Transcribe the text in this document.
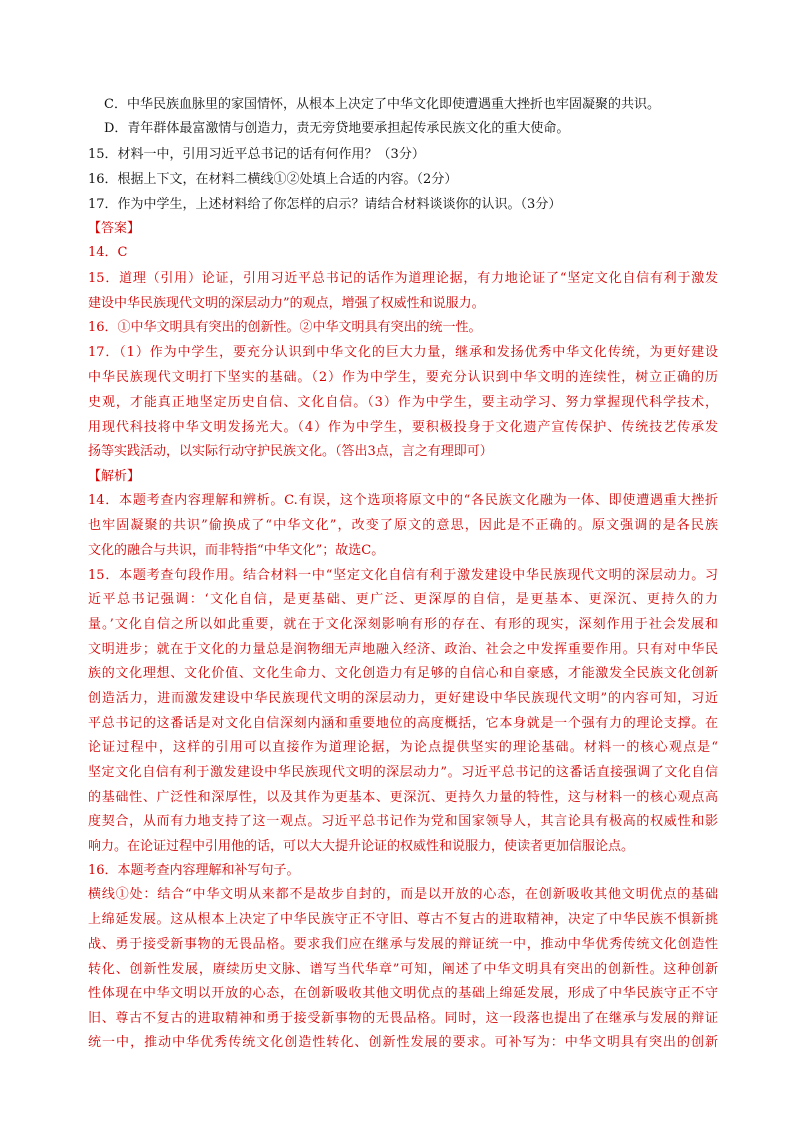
C．中华民族血脉里的家国情怀，从根本上决定了中华文化即使遭遇重大挫折也牢固凝聚的共识。
D．青年群体最富激情与创造力，责无旁贷地要承担起传承民族文化的重大使命。
15．材料一中，引用习近平总书记的话有何作用？（3分）
16．根据上下文，在材料二横线①②处填上合适的内容。（2分）
17．作为中学生，上述材料给了你怎样的启示？请结合材料谈谈你的认识。（3分）
【答案】
14．C
15．道理（引用）论证，引用习近平总书记的话作为道理论据，有力地论证了“坚定文化自信有利于激发
建设中华民族现代文明的深层动力”的观点，增强了权威性和说服力。
16．①中华文明具有突出的创新性。②中华文明具有突出的统一性。
17．（1）作为中学生，要充分认识到中华文化的巨大力量，继承和发扬优秀中华文化传统，为更好建设
中华民族现代文明打下坚实的基础。（2）作为中学生，要充分认识到中华文明的连续性，树立正确的历
史观，才能真正地坚定历史自信、文化自信。（3）作为中学生，要主动学习、努力掌握现代科学技术，
用现代科技将中华文明发扬光大。（4）作为中学生，要积极投身于文化遗产宣传保护、传统技艺传承发
扬等实践活动，以实际行动守护民族文化。（答出3点，言之有理即可）
【解析】
14．本题考查内容理解和辨析。C.有误，这个选项将原文中的“各民族文化融为一体、即使遭遇重大挫折
也牢固凝聚的共识”偷换成了“中华文化”，改变了原文的意思，因此是不正确的。原文强调的是各民族
文化的融合与共识，而非特指“中华文化”；故选C。
15．本题考查句段作用。结合材料一中“坚定文化自信有利于激发建设中华民族现代文明的深层动力。习
近平总书记强调：‘文化自信，是更基础、更广泛、更深厚的自信，是更基本、更深沉、更持久的力
量。’文化自信之所以如此重要，就在于文化深刻影响有形的存在、有形的现实，深刻作用于社会发展和
文明进步；就在于文化的力量总是润物细无声地融入经济、政治、社会之中发挥重要作用。只有对中华民
族的文化理想、文化价值、文化生命力、文化创造力有足够的自信心和自豪感，才能激发全民族文化创新
创造活力，进而激发建设中华民族现代文明的深层动力，更好建设中华民族现代文明”的内容可知，习近
平总书记的这番话是对文化自信深刻内涵和重要地位的高度概括，它本身就是一个强有力的理论支撑。在
论证过程中，这样的引用可以直接作为道理论据，为论点提供坚实的理论基础。材料一的核心观点是“
坚定文化自信有利于激发建设中华民族现代文明的深层动力”。习近平总书记的这番话直接强调了文化自信
的基础性、广泛性和深厚性，以及其作为更基本、更深沉、更持久力量的特性，这与材料一的核心观点高
度契合，从而有力地支持了这一观点。习近平总书记作为党和国家领导人，其言论具有极高的权威性和影
响力。在论证过程中引用他的话，可以大大提升论证的权威性和说服力，使读者更加信服论点。
16．本题考查内容理解和补写句子。
横线①处：结合“中华文明从来都不是故步自封的，而是以开放的心态，在创新吸收其他文明优点的基础
上绵延发展。这从根本上决定了中华民族守正不守旧、尊古不复古的进取精神，决定了中华民族不惧新挑
战、勇于接受新事物的无畏品格。要求我们应在继承与发展的辩证统一中，推动中华优秀传统文化创造性
转化、创新性发展，赓续历史文脉、谱写当代华章”可知，阐述了中华文明具有突出的创新性。这种创新
性体现在中华文明以开放的心态，在创新吸收其他文明优点的基础上绵延发展，形成了中华民族守正不守
旧、尊古不复古的进取精神和勇于接受新事物的无畏品格。同时，这一段落也提出了在继承与发展的辩证
统一中，推动中华优秀传统文化创造性转化、创新性发展的要求。可补写为：中华文明具有突出的创新
